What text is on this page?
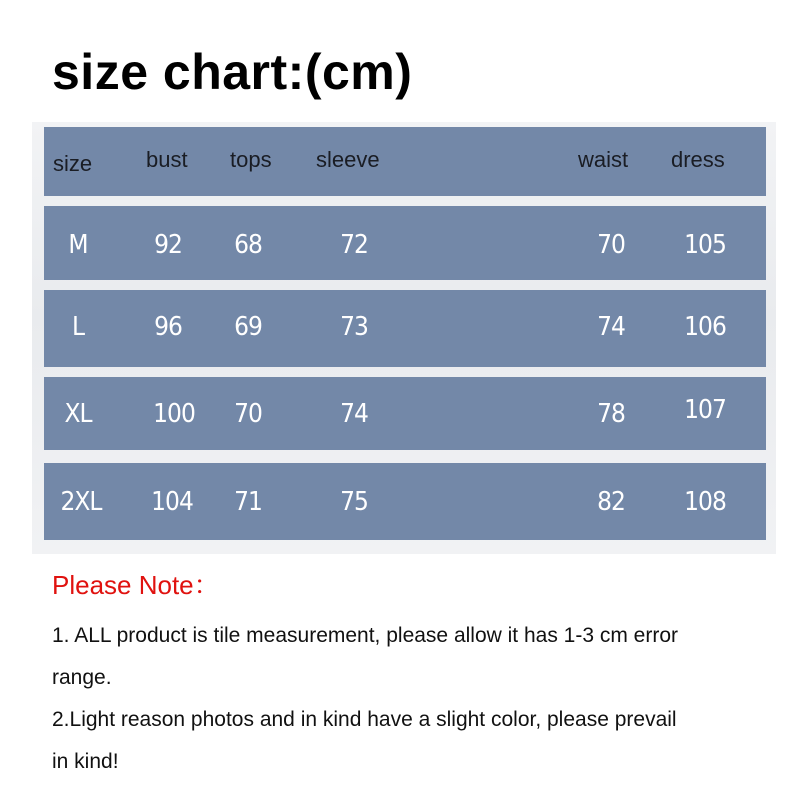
size chart:(cm)
size bust tops sleeve	waist dress
M	92 68	72	70 105
L	96 69	73	74 106
XL 100 70	74	78 107
2XL 104 71	75	82 108
Please Note：
1. ALL product is tile measurement, please allow it has 1-3 cm error
range.
2.Light reason photos and in kind have a slight color, please prevail
in kind!
